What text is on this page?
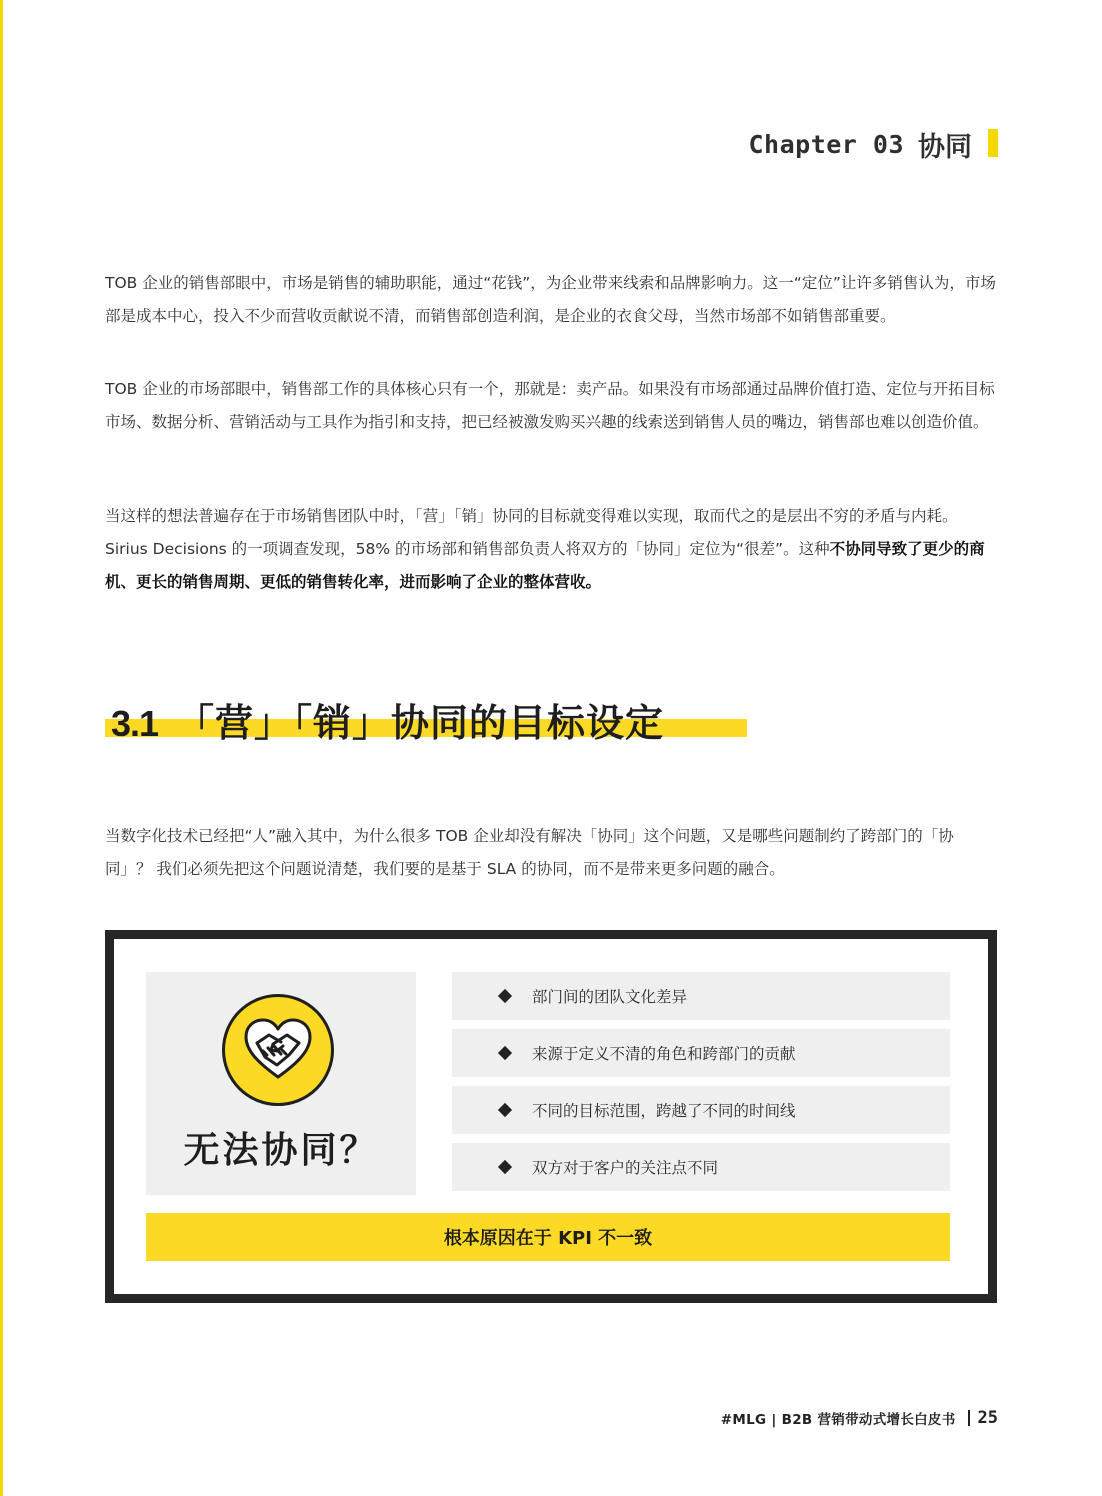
Chapter 03 协同

TOB 企业的销售部眼中，市场是销售的辅助职能，通过“花钱”，为企业带来线索和品牌影响力。这一“定位”让许多销售认为，市场部是成本中心，投入不少而营收贡献说不清，而销售部创造利润，是企业的衣食父母，当然市场部不如销售部重要。

TOB 企业的市场部眼中，销售部工作的具体核心只有一个，那就是：卖产品。如果没有市场部通过品牌价值打造、定位与开拓目标市场、数据分析、营销活动与工具作为指引和支持，把已经被激发购买兴趣的线索送到销售人员的嘴边，销售部也难以创造价值。

当这样的想法普遍存在于市场销售团队中时，「营」「销」协同的目标就变得难以实现，取而代之的是层出不穷的矛盾与内耗。Sirius Decisions 的一项调查发现，58% 的市场部和销售部负责人将双方的「协同」定位为“很差”。这种不协同导致了更少的商机、更长的销售周期、更低的销售转化率，进而影响了企业的整体营收。

3.1 「营」「销」协同的目标设定

当数字化技术已经把“人”融入其中，为什么很多 TOB 企业却没有解决「协同」这个问题，又是哪些问题制约了跨部门的「协同」？ 我们必须先把这个问题说清楚，我们要的是基于 SLA 的协同，而不是带来更多问题的融合。

无法协同？
部门间的团队文化差异
来源于定义不清的角色和跨部门的贡献
不同的目标范围，跨越了不同的时间线
双方对于客户的关注点不同
根本原因在于 KPI 不一致
#MLG | B2B 营销带动式增长白皮书 25
